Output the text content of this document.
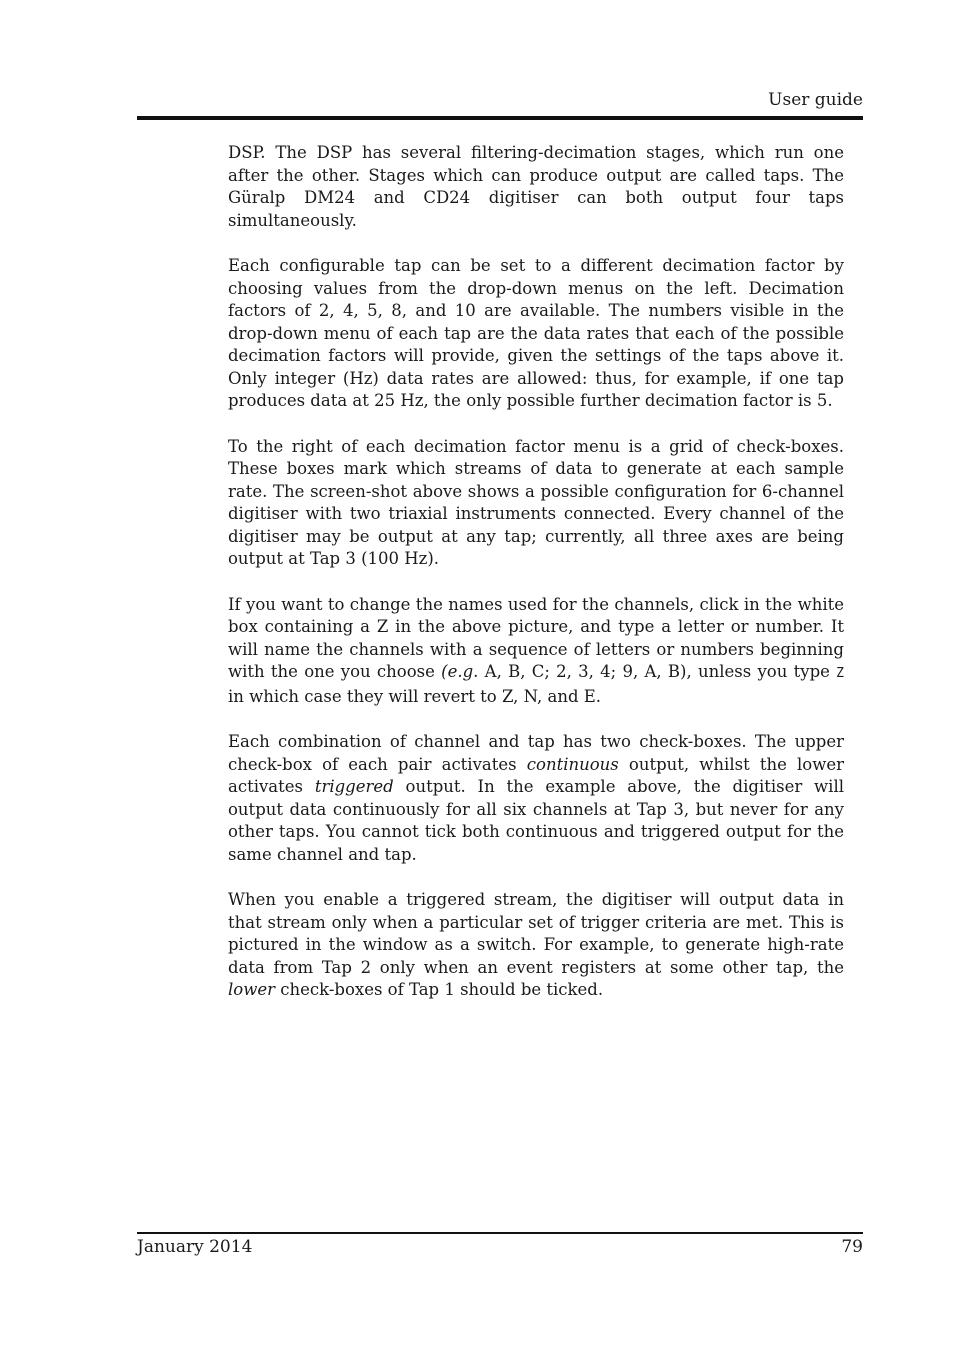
User guide

DSP. The DSP has several filtering-decimation stages, which run one after the other. Stages which can produce output are called taps. The Güralp DM24 and CD24 digitiser can both output four taps simultaneously.

Each configurable tap can be set to a different decimation factor by choosing values from the drop-down menus on the left. Decimation factors of 2, 4, 5, 8, and 10 are available. The numbers visible in the drop-down menu of each tap are the data rates that each of the possible decimation factors will provide, given the settings of the taps above it. Only integer (Hz) data rates are allowed: thus, for example, if one tap produces data at 25 Hz, the only possible further decimation factor is 5.

To the right of each decimation factor menu is a grid of check-boxes. These boxes mark which streams of data to generate at each sample rate. The screen-shot above shows a possible configuration for 6-channel digitiser with two triaxial instruments connected. Every channel of the digitiser may be output at any tap; currently, all three axes are being output at Tap 3 (100 Hz).

If you want to change the names used for the channels, click in the white box containing a Z in the above picture, and type a letter or number. It will name the channels with a sequence of letters or numbers beginning with the one you choose (e.g. A, B, C; 2, 3, 4; 9, A, B), unless you type Z in which case they will revert to Z, N, and E.

Each combination of channel and tap has two check-boxes. The upper check-box of each pair activates continuous output, whilst the lower activates triggered output. In the example above, the digitiser will output data continuously for all six channels at Tap 3, but never for any other taps. You cannot tick both continuous and triggered output for the same channel and tap.

When you enable a triggered stream, the digitiser will output data in that stream only when a particular set of trigger criteria are met. This is pictured in the window as a switch. For example, to generate high-rate data from Tap 2 only when an event registers at some other tap, the lower check-boxes of Tap 1 should be ticked.

January 2014	79
